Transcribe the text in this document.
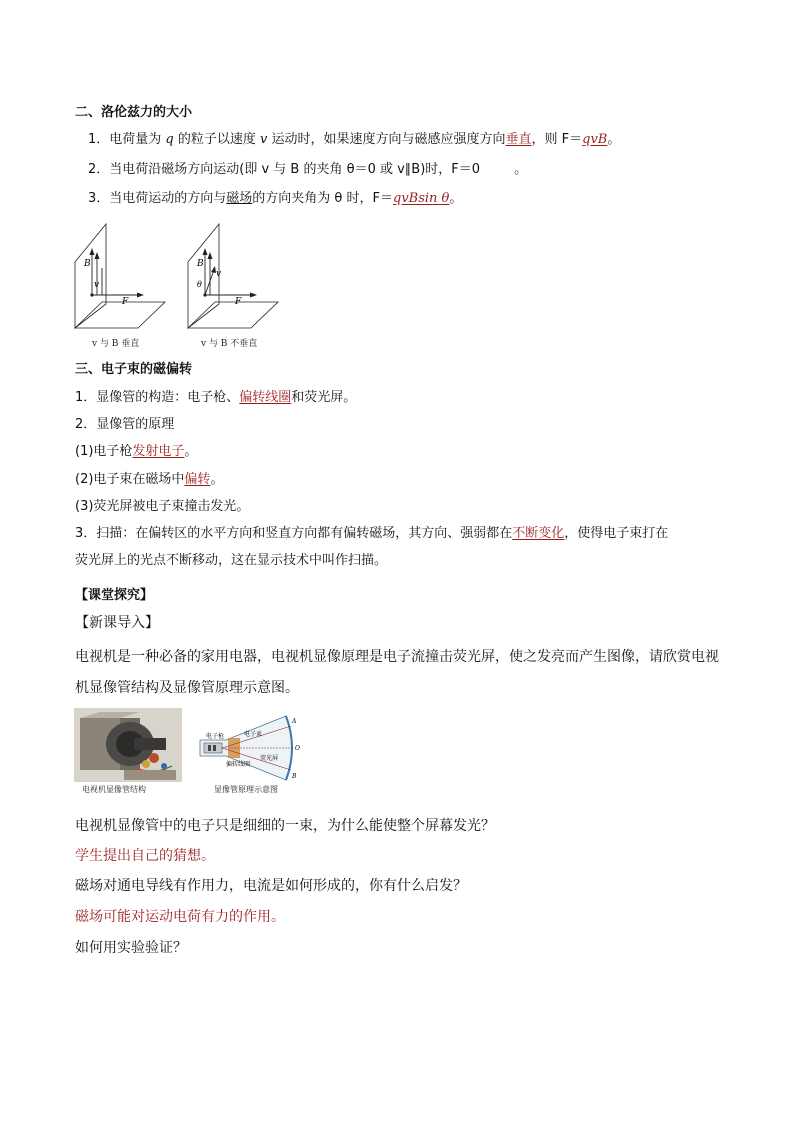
二、洛伦兹力的大小
1．电荷量为 q 的粒子以速度 v 运动时，如果速度方向与磁感应强度方向垂直，则 F＝qvB。
2．当电荷沿磁场方向运动(即 v 与 B 的夹角 θ＝0 或 v∥B)时，F＝0	。
3．当电荷运动的方向与磁场的方向夹角为 θ 时，F＝qvBsin θ。
B
v
F
B
v
θ
F
v 与 B 垂直	v 与 B 不垂直
三、电子束的磁偏转
1．显像管的构造：电子枪、偏转线圈和荧光屏。
2．显像管的原理
(1)电子枪发射电子。
(2)电子束在磁场中偏转。
(3)荧光屏被电子束撞击发光。
3．扫描：在偏转区的水平方向和竖直方向都有偏转磁场，其方向、强弱都在不断变化，使得电子束打在
荧光屏上的光点不断移动，这在显示技术中叫作扫描。
【课堂探究】
【新课导入】
电视机是一种必备的家用电器，电视机显像原理是电子流撞击荧光屏，使之发亮而产生图像，请欣赏电视
机显像管结构及显像管原理示意图。
电视机显像管结构
电子枪	电子束
偏转线圈
荧光屏
A
O
B
显像管原理示意图
电视机显像管中的电子只是细细的一束，为什么能使整个屏幕发光？
学生提出自己的猜想。
磁场对通电导线有作用力，电流是如何形成的，你有什么启发？
磁场可能对运动电荷有力的作用。
如何用实验验证？
